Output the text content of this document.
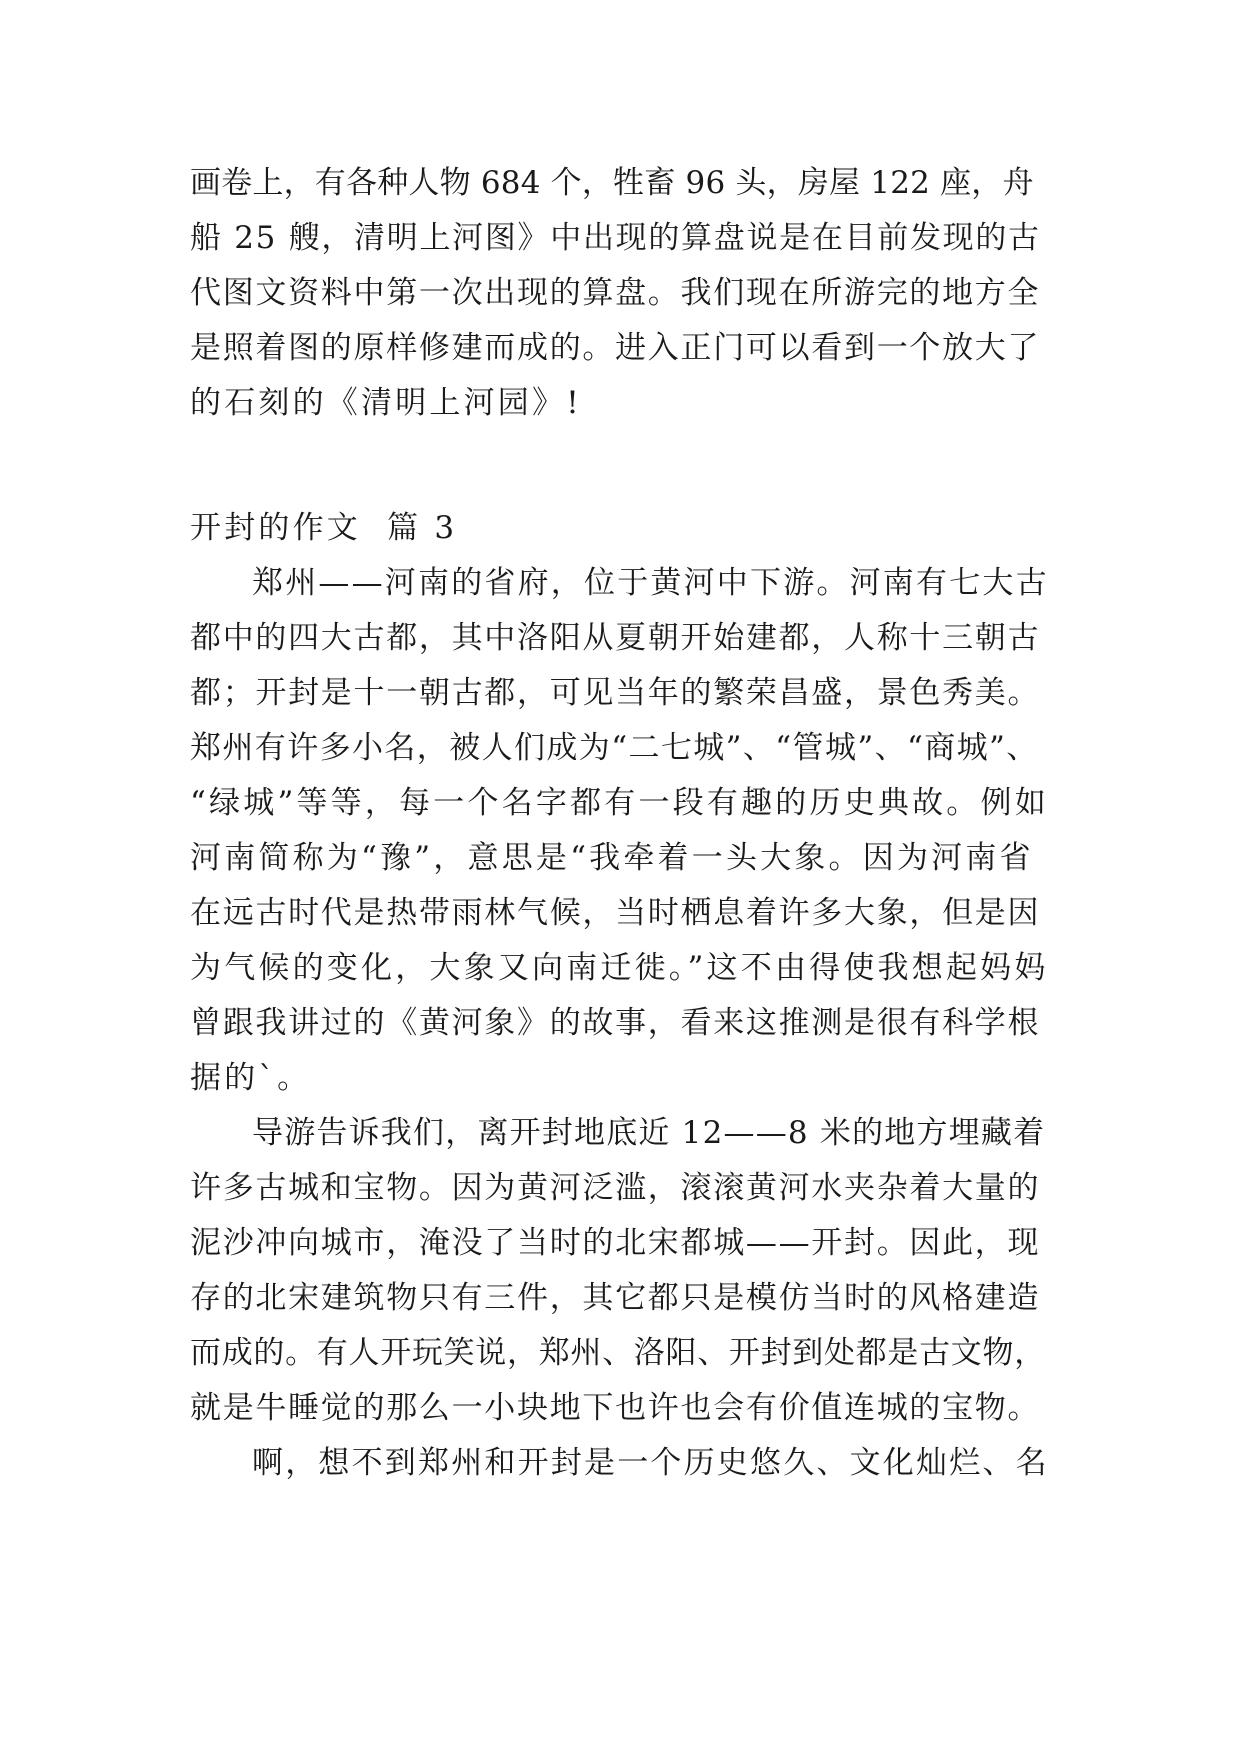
画卷上，有各种人物 684 个，牲畜 96 头，房屋 122 座，舟
船 25 艘，清明上河图》中出现的算盘说是在目前发现的古
代图文资料中第一次出现的算盘。我们现在所游完的地方全
是照着图的原样修建而成的。进入正门可以看到一个放大了
的石刻的《清明上河园》!
开封的作文  篇 3
郑州——河南的省府，位于黄河中下游。河南有七大古
都中的四大古都，其中洛阳从夏朝开始建都，人称十三朝古
都；开封是十一朝古都，可见当年的繁荣昌盛，景色秀美。
郑州有许多小名，被人们成为“二七城”、“管城”、“商城”、
“绿城”等等，每一个名字都有一段有趣的历史典故。例如
河南简称为“豫”，意思是“我牵着一头大象。因为河南省
在远古时代是热带雨林气候，当时栖息着许多大象，但是因
为气候的变化，大象又向南迁徙。”这不由得使我想起妈妈
曾跟我讲过的《黄河象》的故事，看来这推测是很有科学根
据的`。
导游告诉我们，离开封地底近 12——8 米的地方埋藏着
许多古城和宝物。因为黄河泛滥，滚滚黄河水夹杂着大量的
泥沙冲向城市，淹没了当时的北宋都城——开封。因此，现
存的北宋建筑物只有三件，其它都只是模仿当时的风格建造
而成的。有人开玩笑说，郑州、洛阳、开封到处都是古文物，
就是牛睡觉的那么一小块地下也许也会有价值连城的宝物。
啊，想不到郑州和开封是一个历史悠久、文化灿烂、名
